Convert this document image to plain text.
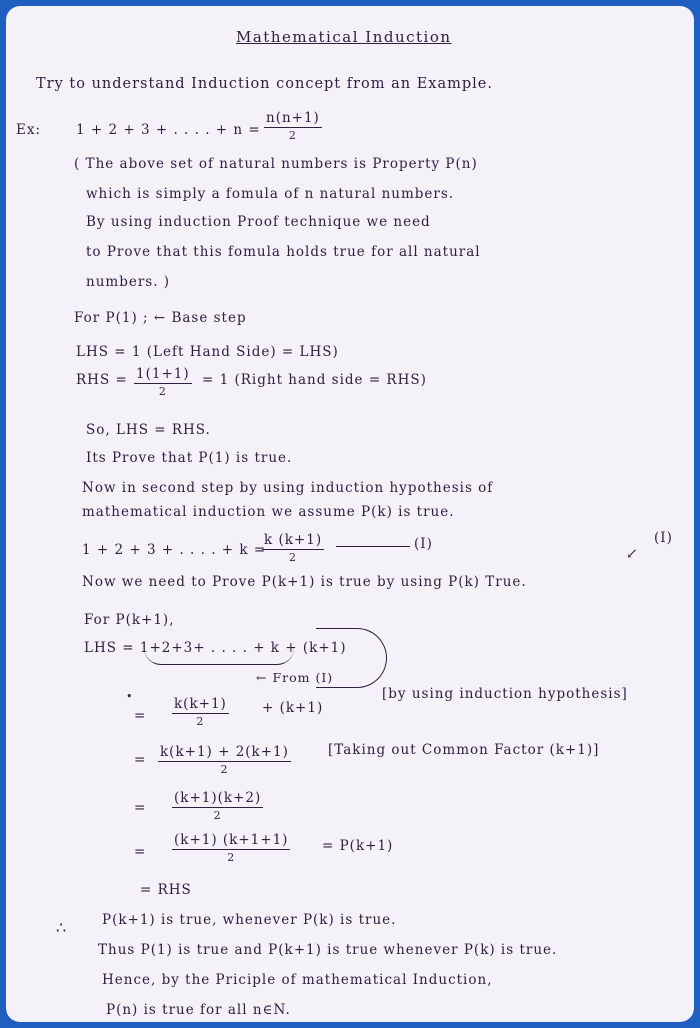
Mathematical Induction
Try to understand Induction concept from an Example.
Ex:	1 + 2 + 3 + . . . . + n =
n(n+1)
2
( The above set of natural numbers is Property P(n)
which is simply a fomula of n natural numbers.
By using induction Proof technique we need
to Prove that this fomula holds true for all natural
numbers. )
For P(1) ; ← Base step
LHS = 1 (Left Hand Side) = LHS)
RHS = 1(1+1)
2
= 1 (Right hand side = RHS)
So, LHS = RHS.
Its Prove that P(1) is true.
Now in second step by using induction hypothesis of
mathematical induction we assume P(k) is true.
1 + 2 + 3 + . . . . + k =
k (k+1)
2
(I)	(I)
↙
Now we need to Prove P(k+1) is true by using P(k) True.
For P(k+1),
LHS = 1+2+3+ . . . . + k + (k+1)
← From (I)
•
=
k(k+1)
2
+ (k+1)
[by using induction hypothesis]
= k(k+1) + 2(k+1)
2
[Taking out Common Factor (k+1)]
=
(k+1)(k+2)
2
=
(k+1) (k+1+1)
2
= P(k+1)
= RHS
∴	P(k+1) is true, whenever P(k) is true.
Thus P(1) is true and P(k+1) is true whenever P(k) is true.
Hence, by the Priciple of mathematical Induction,
P(n) is true for all n∈N.
